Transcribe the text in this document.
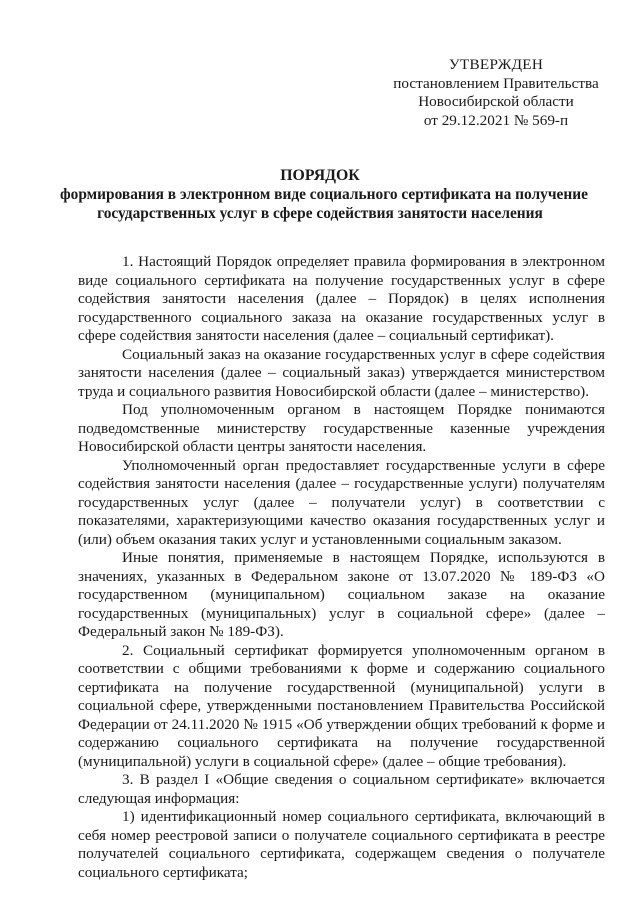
УТВЕРЖДЕН
постановлением Правительства
Новосибирской области
от 29.12.2021 № 569-п
ПОРЯДОК
формирования в электронном виде социального сертификата на получение
государственных услуг в сфере содействия занятости населения

1. Настоящий Порядок определяет правила формирования в электронном виде социального сертификата на получение государственных услуг в сфере содействия занятости населения (далее – Порядок) в целях исполнения государственного социального заказа на оказание государственных услуг в сфере содействия занятости населения (далее – социальный сертификат).

Социальный заказ на оказание государственных услуг в сфере содействия занятости населения (далее – социальный заказ) утверждается министерством труда и социального развития Новосибирской области (далее – министерство).

Под уполномоченным органом в настоящем Порядке понимаются подведомственные министерству государственные казенные учреждения Новосибирской области центры занятости населения.

Уполномоченный орган предоставляет государственные услуги в сфере содействия занятости населения (далее – государственные услуги) получателям государственных услуг (далее – получатели услуг) в соответствии с показателями, характеризующими качество оказания государственных услуг и (или) объем оказания таких услуг и установленными социальным заказом.

Иные понятия, применяемые в настоящем Порядке, используются в значениях, указанных в Федеральном законе от 13.07.2020 № 189-ФЗ «О государственном (муниципальном) социальном заказе на оказание государственных (муниципальных) услуг в социальной сфере» (далее – Федеральный закон № 189-ФЗ).

2. Социальный сертификат формируется уполномоченным органом в соответствии с общими требованиями к форме и содержанию социального сертификата на получение государственной (муниципальной) услуги в социальной сфере, утвержденными постановлением Правительства Российской Федерации от 24.11.2020 № 1915 «Об утверждении общих требований к форме и содержанию социального сертификата на получение государственной (муниципальной) услуги в социальной сфере» (далее – общие требования).

3. В раздел I «Общие сведения о социальном сертификате» включается следующая информация:

1) идентификационный номер социального сертификата, включающий в себя номер реестровой записи о получателе социального сертификата в реестре получателей социального сертификата, содержащем сведения о получателе социального сертификата;
